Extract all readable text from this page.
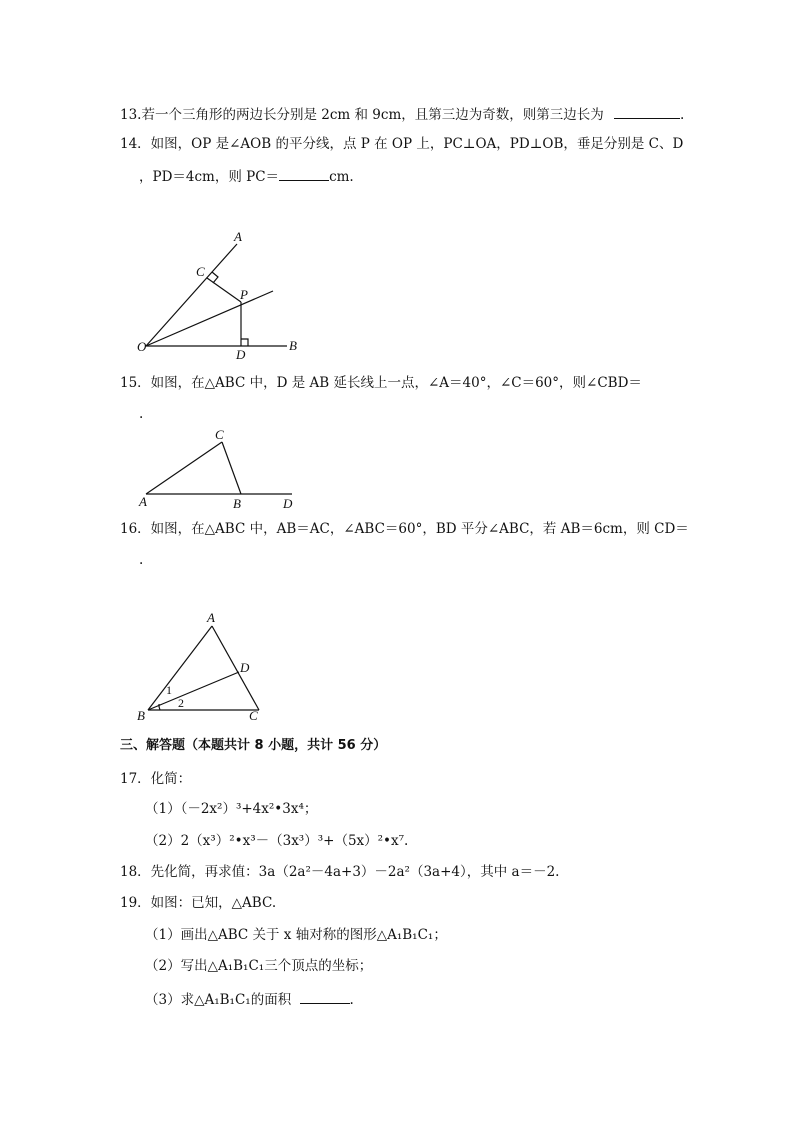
13.若一个三角形的两边长分别是 2cm 和 9cm，且第三边为奇数，则第三边长为	.
14．如图，OP 是∠AOB 的平分线，点 P 在 OP 上，PC⊥OA，PD⊥OB，垂足分别是 C、D
，PD＝4cm，则 PC＝	cm.
A
B
C
D
O
P
15．如图，在△ABC 中，D 是 AB 延长线上一点，∠A＝40°，∠C＝60°，则∠CBD＝
.
A	B
C
D
16．如图，在△ABC 中，AB＝AC，∠ABC＝60°，BD 平分∠ABC，若 AB＝6cm，则 CD＝
.
A
B	C
D
1
2
三、解答题（本题共计 8 小题，共计 56 分）
17．化简：
（1）（－2x²）³+4x²•3x⁴；
（2）2（x³）²•x³－（3x³）³+（5x）²•x⁷.
18．先化简，再求值：3a（2a²－4a+3）－2a²（3a+4），其中 a＝－2.
19．如图：已知，△ABC.
（1）画出△ABC 关于 x 轴对称的图形△A₁B₁C₁；
（2）写出△A₁B₁C₁三个顶点的坐标；
（3）求△A₁B₁C₁的面积	.
